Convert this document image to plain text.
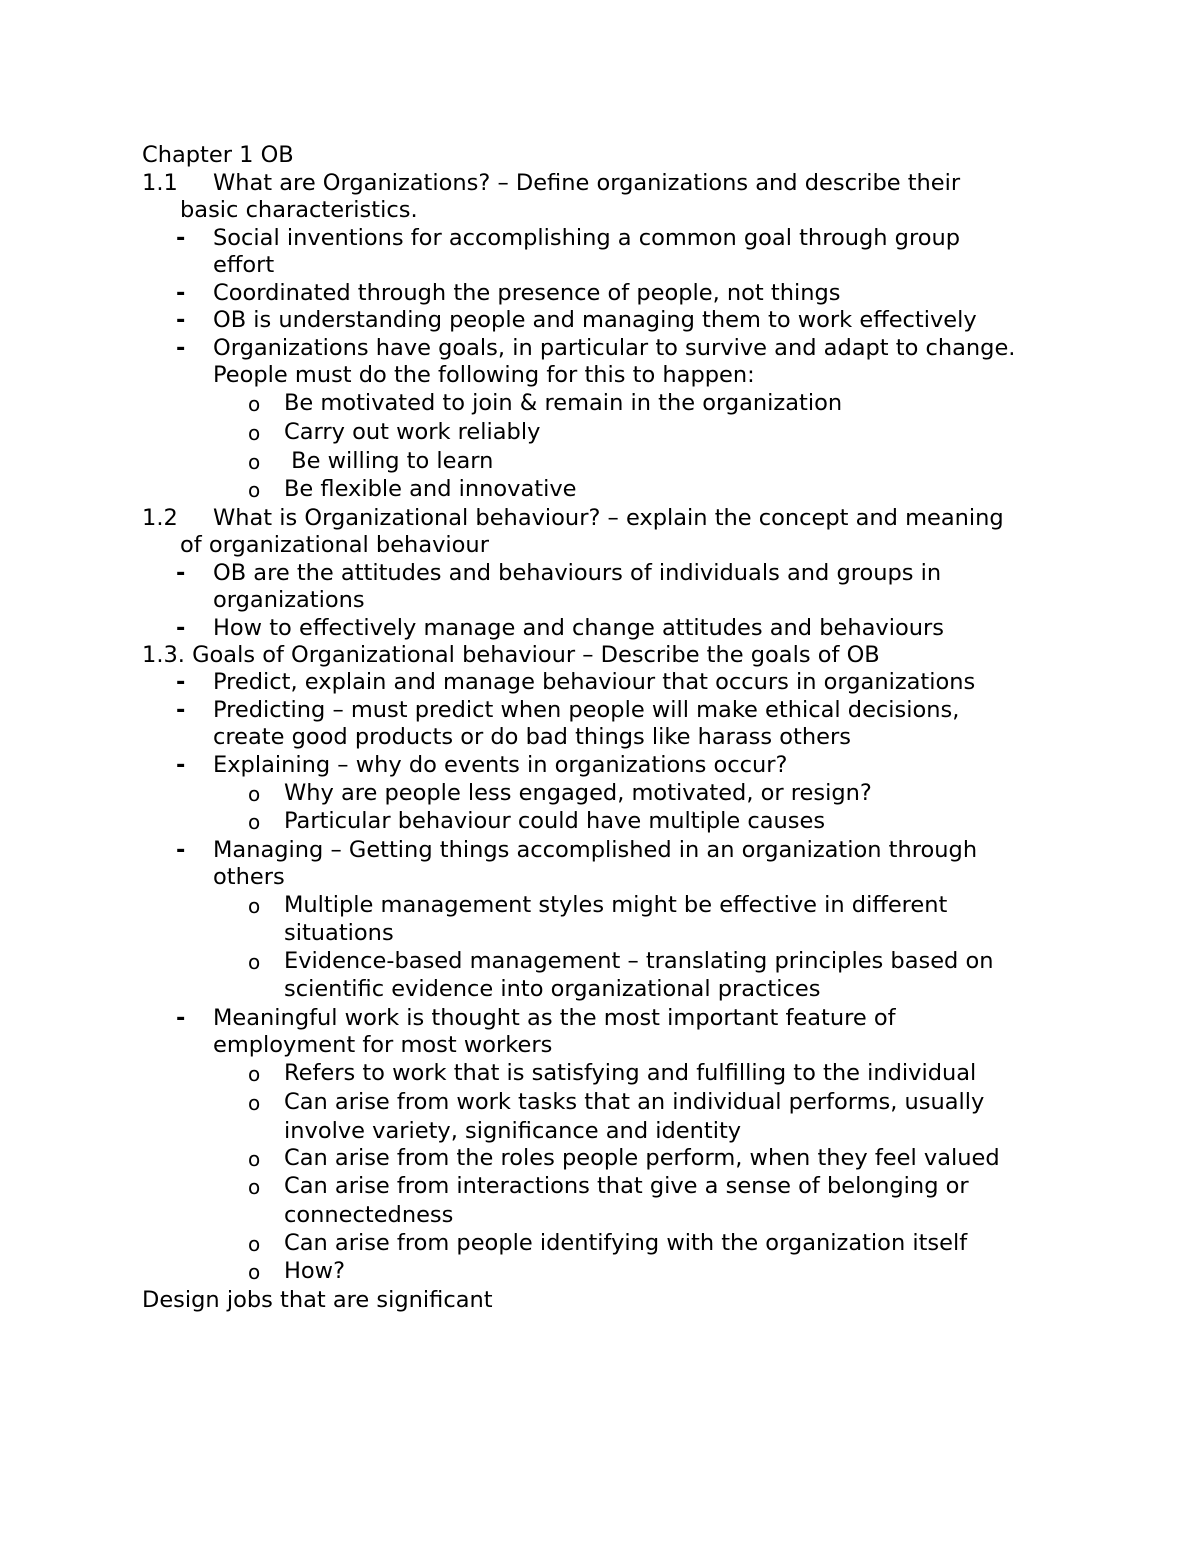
Chapter 1 OB
1.1 What are Organizations? – Define organizations and describe their
basic characteristics.
- Social inventions for accomplishing a common goal through group
effort
- Coordinated through the presence of people, not things
- OB is understanding people and managing them to work effectively
- Organizations have goals, in particular to survive and adapt to change.
People must do the following for this to happen:
o Be motivated to join & remain in the organization
o Carry out work reliably
o Be willing to learn
o Be flexible and innovative
1.2 What is Organizational behaviour? – explain the concept and meaning
of organizational behaviour
- OB are the attitudes and behaviours of individuals and groups in
organizations
- How to effectively manage and change attitudes and behaviours
1.3. Goals of Organizational behaviour – Describe the goals of OB
- Predict, explain and manage behaviour that occurs in organizations
- Predicting – must predict when people will make ethical decisions,
create good products or do bad things like harass others
- Explaining – why do events in organizations occur?
o Why are people less engaged, motivated, or resign?
o Particular behaviour could have multiple causes
- Managing – Getting things accomplished in an organization through
others
o Multiple management styles might be effective in different
situations
o Evidence-based management – translating principles based on
scientific evidence into organizational practices
- Meaningful work is thought as the most important feature of
employment for most workers
o Refers to work that is satisfying and fulfilling to the individual
o Can arise from work tasks that an individual performs, usually
involve variety, significance and identity
o Can arise from the roles people perform, when they feel valued
o Can arise from interactions that give a sense of belonging or
connectedness
o Can arise from people identifying with the organization itself
o How?
Design jobs that are significant
